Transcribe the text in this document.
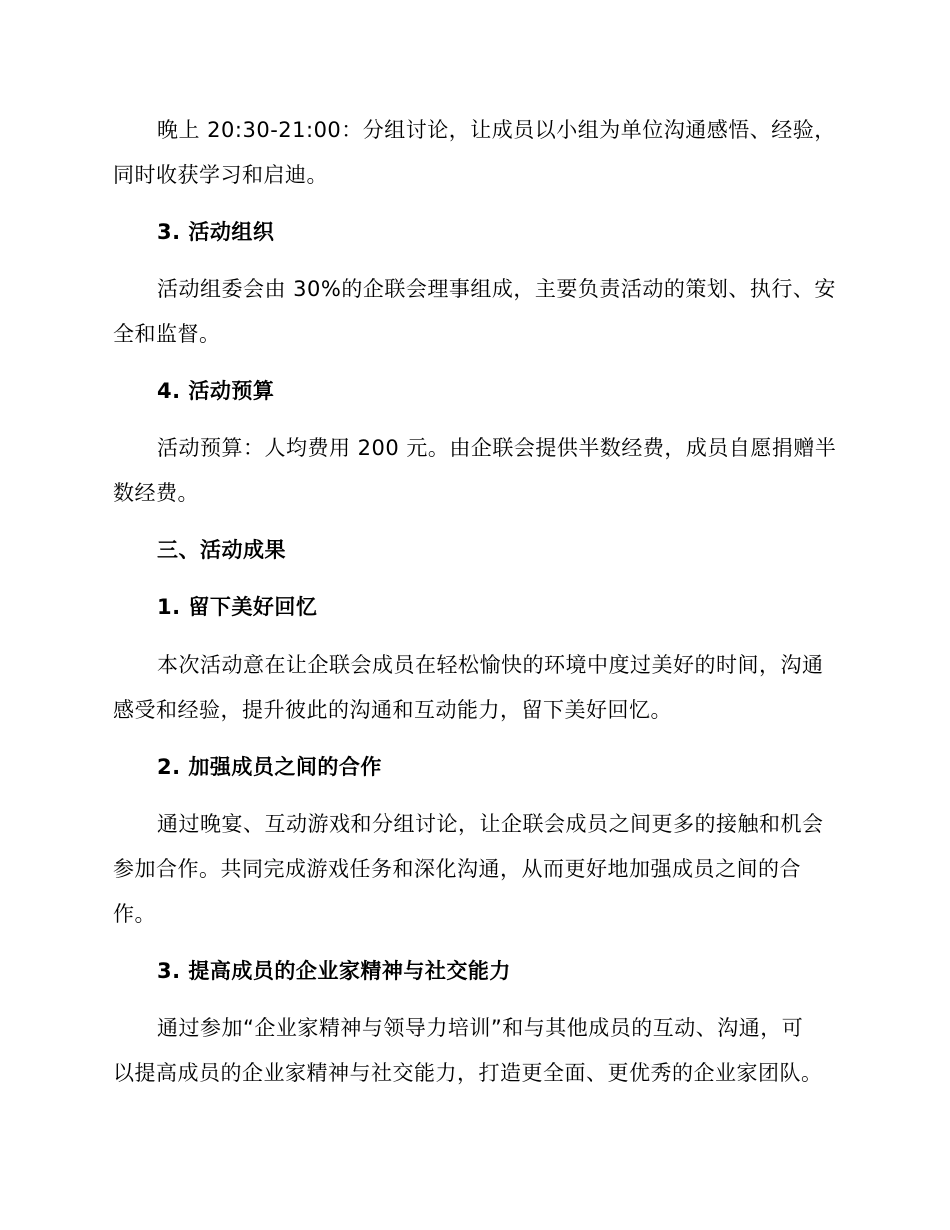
晚上 20:30-21:00：分组讨论，让成员以小组为单位沟通感悟、经验，
同时收获学习和启迪。
3. 活动组织
活动组委会由 30%的企联会理事组成，主要负责活动的策划、执行、安
全和监督。
4. 活动预算
活动预算：人均费用 200 元。由企联会提供半数经费，成员自愿捐赠半
数经费。
三、活动成果
1. 留下美好回忆
本次活动意在让企联会成员在轻松愉快的环境中度过美好的时间，沟通
感受和经验，提升彼此的沟通和互动能力，留下美好回忆。
2. 加强成员之间的合作
通过晚宴、互动游戏和分组讨论，让企联会成员之间更多的接触和机会
参加合作。共同完成游戏任务和深化沟通，从而更好地加强成员之间的合
作。
3. 提高成员的企业家精神与社交能力
通过参加“企业家精神与领导力培训”和与其他成员的互动、沟通，可
以提高成员的企业家精神与社交能力，打造更全面、更优秀的企业家团队。
